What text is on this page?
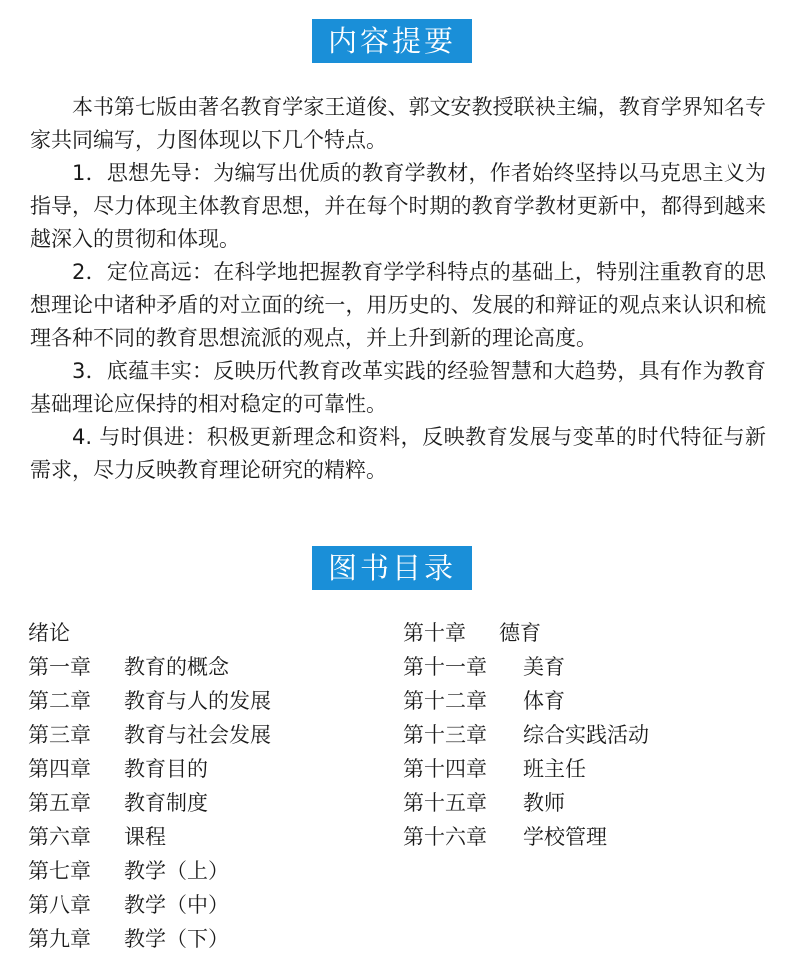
内容提要

本书第七版由著名教育学家王道俊、郭文安教授联袂主编，教育学界知名专家共同编写，力图体现以下几个特点。

1．思想先导：为编写出优质的教育学教材，作者始终坚持以马克思主义为指导，尽力体现主体教育思想，并在每个时期的教育学教材更新中，都得到越来越深入的贯彻和体现。

2．定位高远：在科学地把握教育学学科特点的基础上，特别注重教育的思想理论中诸种矛盾的对立面的统一，用历史的、发展的和辩证的观点来认识和梳理各种不同的教育思想流派的观点，并上升到新的理论高度。

3．底蕴丰实：反映历代教育改革实践的经验智慧和大趋势，具有作为教育基础理论应保持的相对稳定的可靠性。

4. 与时俱进：积极更新理念和资料，反映教育发展与变革的时代特征与新需求，尽力反映教育理论研究的精粹。

图书目录
绪论
第一章 教育的概念
第二章 教育与人的发展
第三章 教育与社会发展
第四章 教育目的
第五章 教育制度
第六章 课程
第七章 教学（上）
第八章 教学（中）
第九章 教学（下）
第十章 德育
第十一章 美育
第十二章 体育
第十三章 综合实践活动
第十四章 班主任
第十五章 教师
第十六章 学校管理
